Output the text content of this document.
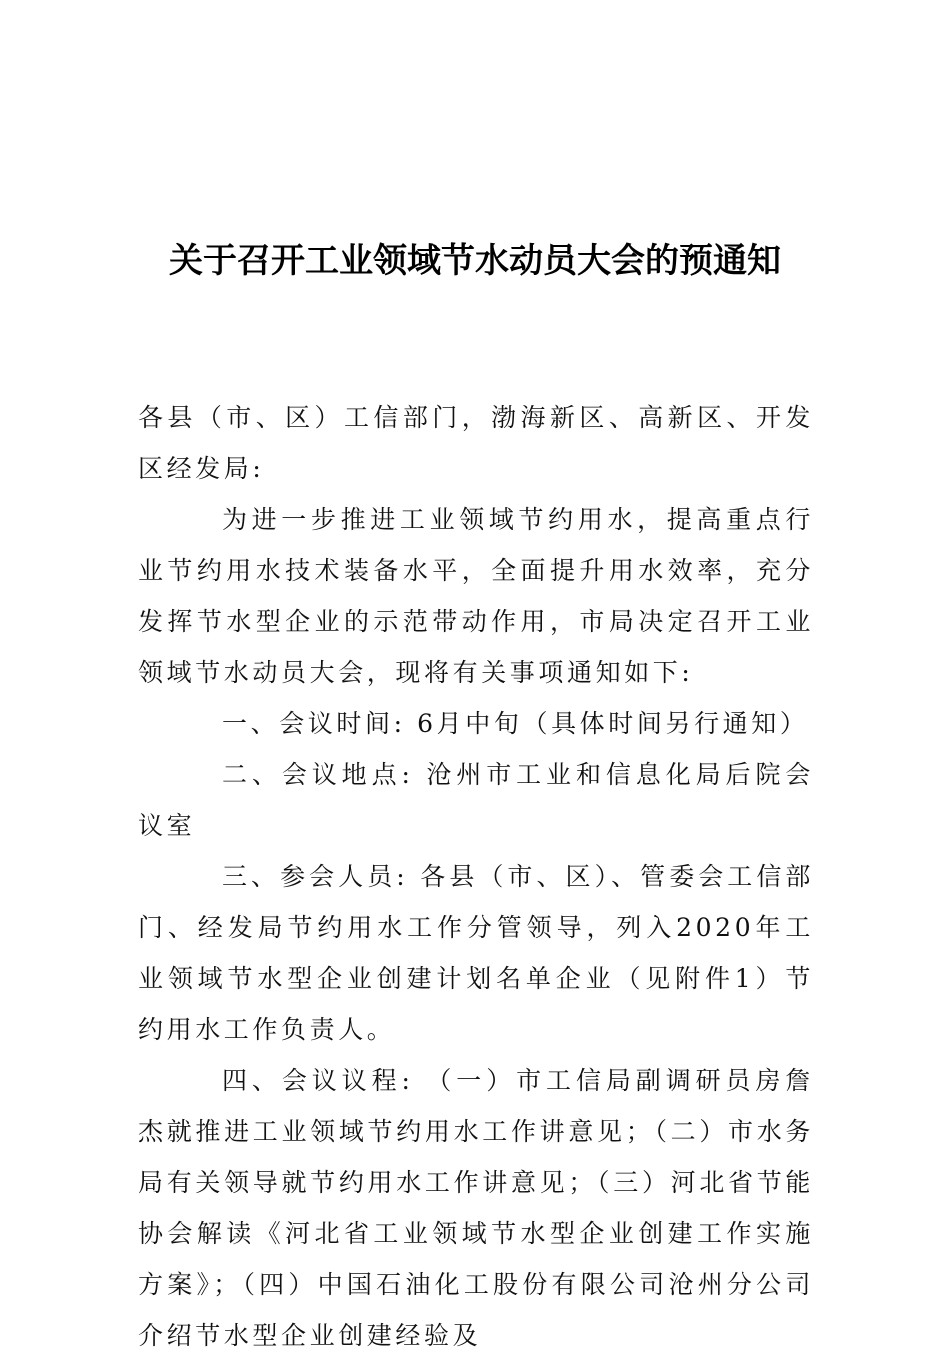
关于召开工业领域节水动员大会的预通知

各县（市、区）工信部门，渤海新区、高新区、开发区经发局:

为进一步推进工业领域节约用水，提高重点行业节约用水技术装备水平，全面提升用水效率，充分发挥节水型企业的示范带动作用，市局决定召开工业领域节水动员大会，现将有关事项通知如下:

一、会议时间: 6月中旬（具体时间另行通知）

二、会议地点: 沧州市工业和信息化局后院会议室

三、参会人员: 各县（市、区）、管委会工信部门、经发局节约用水工作分管领导，列入2020年工业领域节水型企业创建计划名单企业（见附件1）节约用水工作负责人。

四、会议议程: （一）市工信局副调研员房詹杰就推进工业领域节约用水工作讲意见；（二）市水务局有关领导就节约用水工作讲意见；（三）河北省节能协会解读《河北省工业领域节水型企业创建工作实施方案》；（四）中国石油化工股份有限公司沧州分公司介绍节水型企业创建经验及
